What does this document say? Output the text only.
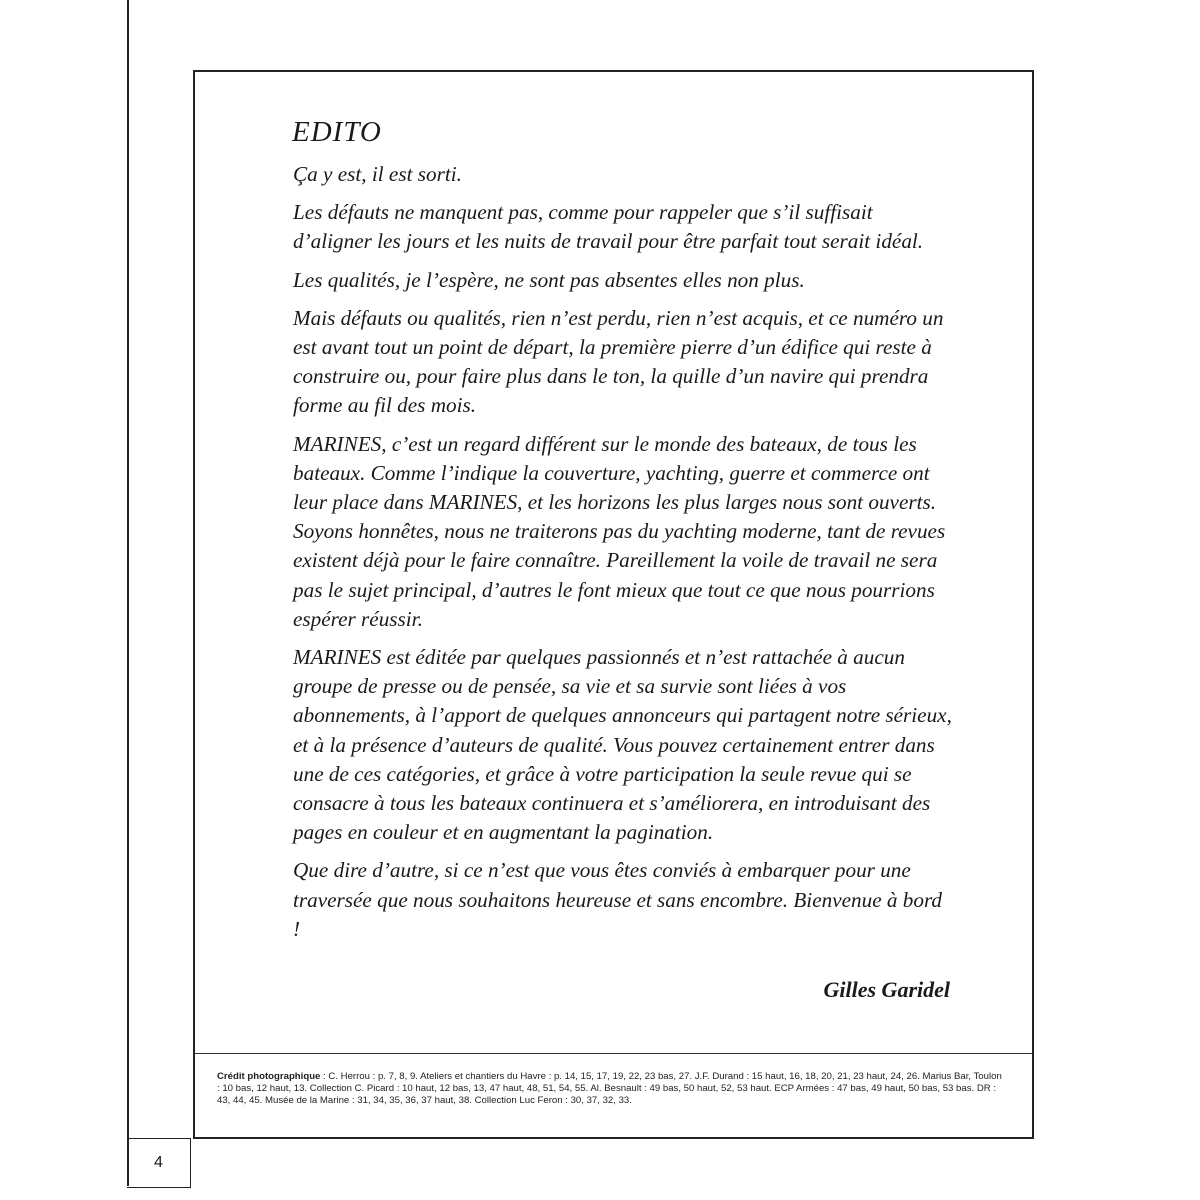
EDITO

Ça y est, il est sorti.

Les défauts ne manquent pas, comme pour rappeler que s’il suffisait d’aligner les jours et les nuits de travail pour être parfait tout serait idéal.

Les qualités, je l’espère, ne sont pas absentes elles non plus.

Mais défauts ou qualités, rien n’est perdu, rien n’est acquis, et ce numéro un est avant tout un point de départ, la première pierre d’un édifice qui reste à construire ou, pour faire plus dans le ton, la quille d’un navire qui prendra forme au fil des mois.

MARINES, c’est un regard différent sur le monde des bateaux, de tous les bateaux. Comme l’indique la couverture, yachting, guerre et commerce ont leur place dans MARINES, et les horizons les plus larges nous sont ouverts. Soyons honnêtes, nous ne traiterons pas du yachting moderne, tant de revues existent déjà pour le faire connaître. Pareillement la voile de travail ne sera pas le sujet principal, d’autres le font mieux que tout ce que nous pourrions espérer réussir.

MARINES est éditée par quelques passionnés et n’est rattachée à aucun groupe de presse ou de pensée, sa vie et sa survie sont liées à vos abonnements, à l’apport de quelques annonceurs qui partagent notre sérieux, et à la présence d’auteurs de qualité. Vous pouvez certainement entrer dans une de ces catégories, et grâce à votre participation la seule revue qui se consacre à tous les bateaux continuera et s’améliorera, en introduisant des pages en couleur et en augmentant la pagination.

Que dire d’autre, si ce n’est que vous êtes conviés à embarquer pour une traversée que nous souhaitons heureuse et sans encombre. Bienvenue à bord !

Gilles Garidel
Crédit photographique : C. Herrou : p. 7, 8, 9. Ateliers et chantiers du Havre : p. 14, 15, 17, 19, 22, 23 bas, 27. J.F. Durand : 15 haut, 16, 18, 20, 21, 23 haut, 24, 26. Marius Bar, Toulon : 10 bas, 12 haut, 13. Collection C. Picard : 10 haut, 12 bas, 13, 47 haut, 48, 51, 54, 55. Al. Besnault : 49 bas, 50 haut, 52, 53 haut. ECP Armées : 47 bas, 49 haut, 50 bas, 53 bas. DR : 43, 44, 45. Musée de la Marine : 31, 34, 35, 36, 37 haut, 38. Collection Luc Feron : 30, 37, 32, 33.
4
